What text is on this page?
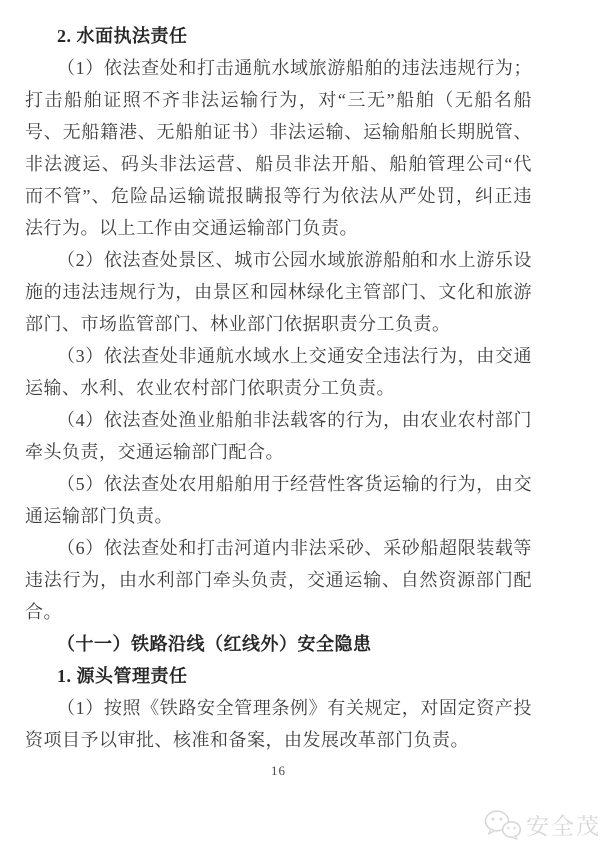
2. 水面执法责任

（1）依法查处和打击通航水域旅游船舶的违法违规行为；打击船舶证照不齐非法运输行为，对“三无”船舶（无船名船号、无船籍港、无船舶证书）非法运输、运输船舶长期脱管、非法渡运、码头非法运营、船员非法开船、船舶管理公司“代而不管”、危险品运输谎报瞒报等行为依法从严处罚，纠正违法行为。以上工作由交通运输部门负责。

（2）依法查处景区、城市公园水域旅游船舶和水上游乐设施的违法违规行为，由景区和园林绿化主管部门、文化和旅游部门、市场监管部门、林业部门依据职责分工负责。

（3）依法查处非通航水域水上交通安全违法行为，由交通运输、水利、农业农村部门依职责分工负责。

（4）依法查处渔业船舶非法载客的行为，由农业农村部门牵头负责，交通运输部门配合。

（5）依法查处农用船舶用于经营性客货运输的行为，由交通运输部门负责。

（6）依法查处和打击河道内非法采砂、采砂船超限装载等违法行为，由水利部门牵头负责，交通运输、自然资源部门配合。

（十一）铁路沿线（红线外）安全隐患

1. 源头管理责任

（1）按照《铁路安全管理条例》有关规定，对固定资产投资项目予以审批、核准和备案，由发展改革部门负责。

16
安全茂
